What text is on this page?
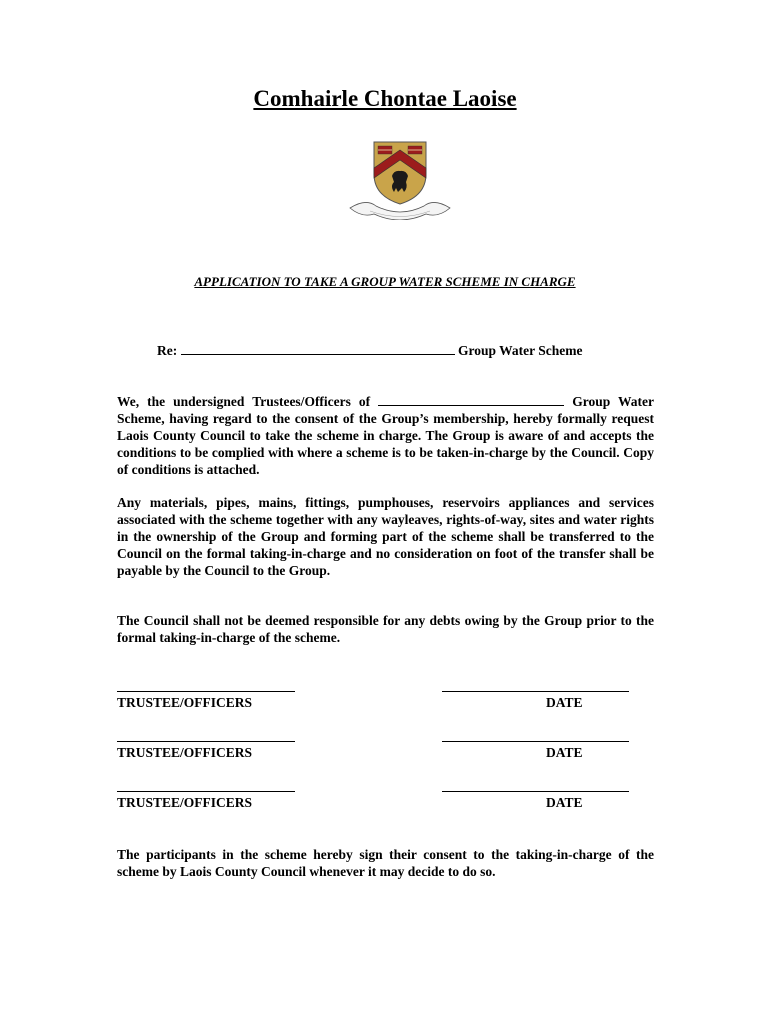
Comhairle Chontae Laoise
APPLICATION TO TAKE A GROUP WATER SCHEME IN CHARGE
Re:	Group Water Scheme

We, the undersigned Trustees/Officers of	Group Water Scheme, having regard to the consent of the Group’s membership, hereby formally request Laois County Council to take the scheme in charge. The Group is aware of and accepts the conditions to be complied with where a scheme is to be taken-in-charge by the Council. Copy of conditions is attached.

Any materials, pipes, mains, fittings, pumphouses, reservoirs appliances and services associated with the scheme together with any wayleaves, rights-of-way, sites and water rights in the ownership of the Group and forming part of the scheme shall be transferred to the Council on the formal taking-in-charge and no consideration on foot of the transfer shall be payable by the Council to the Group.

The Council shall not be deemed responsible for any debts owing by the Group prior to the formal taking-in-charge of the scheme.

TRUSTEE/OFFICERS	DATE
TRUSTEE/OFFICERS	DATE
TRUSTEE/OFFICERS	DATE

The participants in the scheme hereby sign their consent to the taking-in-charge of the scheme by Laois County Council whenever it may decide to do so.
